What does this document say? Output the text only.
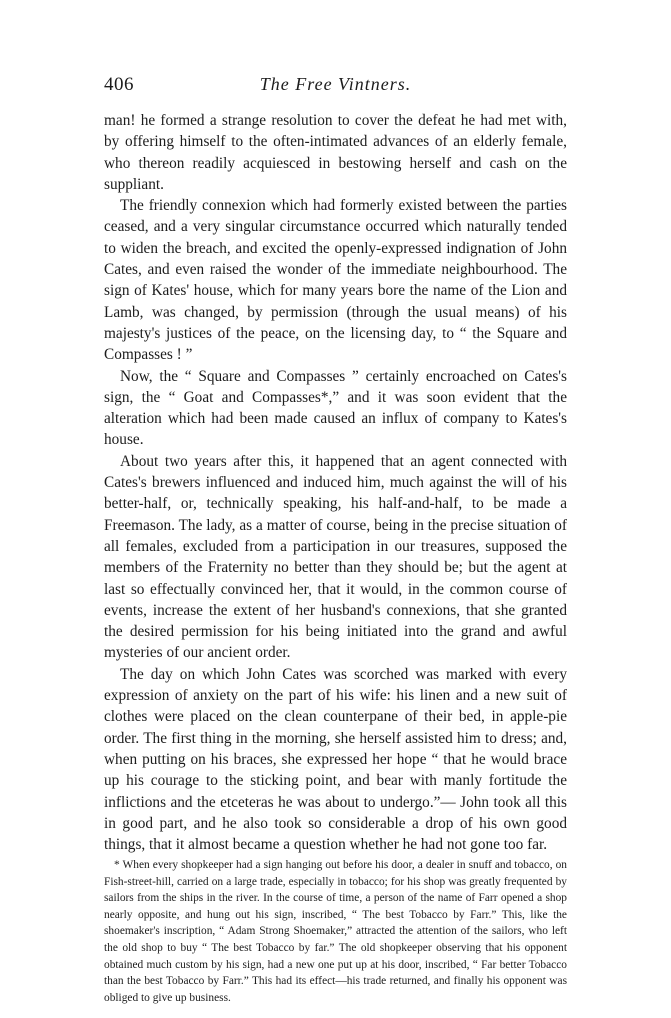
406	The Free Vintners.

man! he formed a strange resolution to cover the defeat he had met with, by offering himself to the often-intimated advances of an elderly female, who thereon readily acquiesced in bestowing herself and cash on the suppliant.

The friendly connexion which had formerly existed between the parties ceased, and a very singular circumstance occurred which naturally tended to widen the breach, and excited the openly-expressed indignation of John Cates, and even raised the wonder of the immediate neighbourhood. The sign of Kates' house, which for many years bore the name of the Lion and Lamb, was changed, by permission (through the usual means) of his majesty's justices of the peace, on the licensing day, to “ the Square and Compasses ! ”

Now, the “ Square and Compasses ” certainly encroached on Cates's sign, the “ Goat and Compasses*,” and it was soon evident that the alteration which had been made caused an influx of company to Kates's house.

About two years after this, it happened that an agent connected with Cates's brewers influenced and induced him, much against the will of his better-half, or, technically speaking, his half-and-half, to be made a Freemason. The lady, as a matter of course, being in the precise situation of all females, excluded from a participation in our treasures, supposed the members of the Fraternity no better than they should be; but the agent at last so effectually convinced her, that it would, in the common course of events, increase the extent of her husband's connexions, that she granted the desired permission for his being initiated into the grand and awful mysteries of our ancient order.

The day on which John Cates was scorched was marked with every expression of anxiety on the part of his wife: his linen and a new suit of clothes were placed on the clean counterpane of their bed, in apple-pie order. The first thing in the morning, she herself assisted him to dress; and, when putting on his braces, she expressed her hope “ that he would brace up his courage to the sticking point, and bear with manly fortitude the inflictions and the etceteras he was about to undergo.”— John took all this in good part, and he also took so considerable a drop of his own good things, that it almost became a question whether he had not gone too far.

* When every shopkeeper had a sign hanging out before his door, a dealer in snuff and tobacco, on Fish-street-hill, carried on a large trade, especially in tobacco; for his shop was greatly frequented by sailors from the ships in the river. In the course of time, a person of the name of Farr opened a shop nearly opposite, and hung out his sign, inscribed, “ The best Tobacco by Farr.” This, like the shoemaker's inscription, “ Adam Strong Shoemaker,” attracted the attention of the sailors, who left the old shop to buy “ The best Tobacco by far.” The old shopkeeper observing that his opponent obtained much custom by his sign, had a new one put up at his door, inscribed, “ Far better Tobacco than the best Tobacco by Farr.” This had its effect—his trade returned, and finally his opponent was obliged to give up business.
